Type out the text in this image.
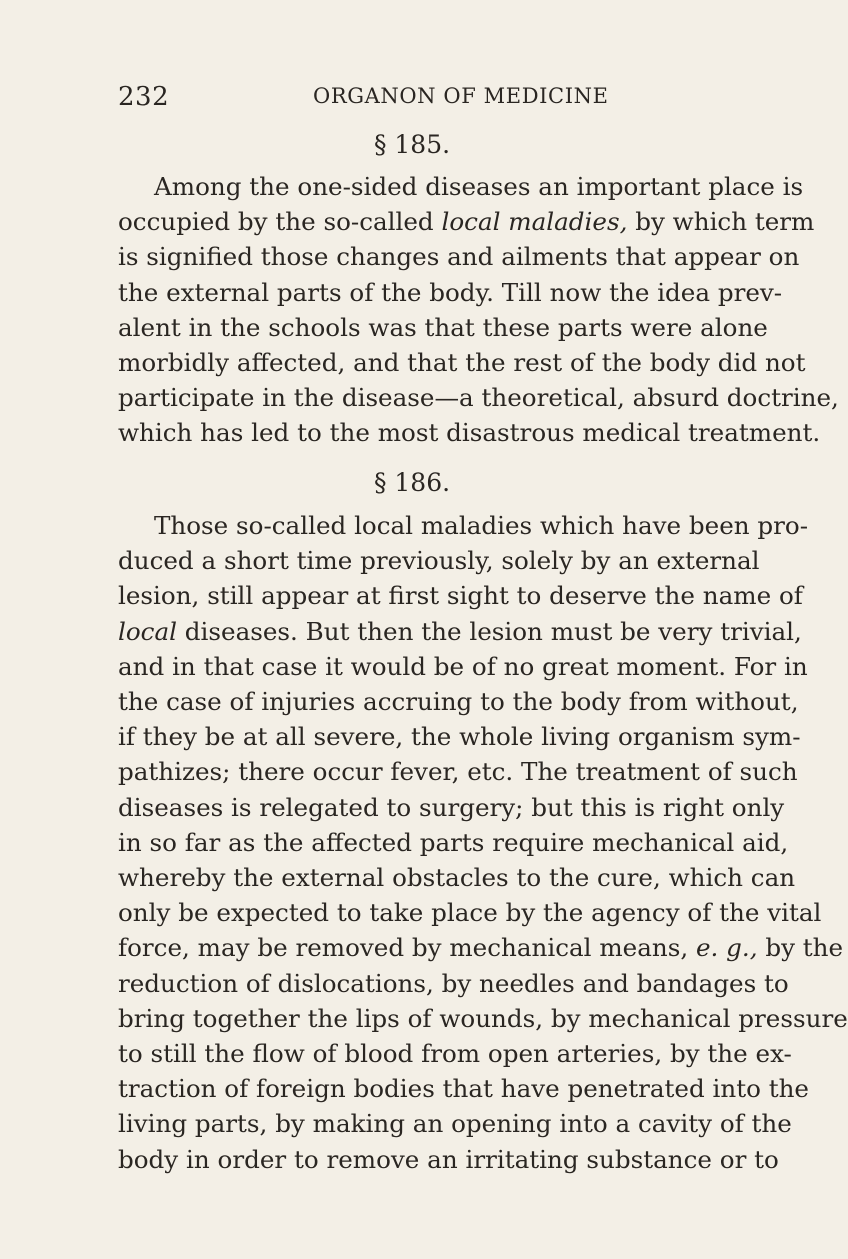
232	ORGANON OF MEDICINE
§ 185.
Among the one-sided diseases an important place is
occupied by the so-called local maladies, by which term
is signified those changes and ailments that appear on
the external parts of the body. Till now the idea prev-
alent in the schools was that these parts were alone
morbidly affected, and that the rest of the body did not
participate in the disease—a theoretical, absurd doctrine,
which has led to the most disastrous medical treatment.
§ 186.
Those so-called local maladies which have been pro-
duced a short time previously, solely by an external
lesion, still appear at first sight to deserve the name of
local diseases. But then the lesion must be very trivial,
and in that case it would be of no great moment. For in
the case of injuries accruing to the body from without,
if they be at all severe, the whole living organism sym-
pathizes; there occur fever, etc. The treatment of such
diseases is relegated to surgery; but this is right only
in so far as the affected parts require mechanical aid,
whereby the external obstacles to the cure, which can
only be expected to take place by the agency of the vital
force, may be removed by mechanical means, e. g., by the
reduction of dislocations, by needles and bandages to
bring together the lips of wounds, by mechanical pressure
to still the flow of blood from open arteries, by the ex-
traction of foreign bodies that have penetrated into the
living parts, by making an opening into a cavity of the
body in order to remove an irritating substance or to
